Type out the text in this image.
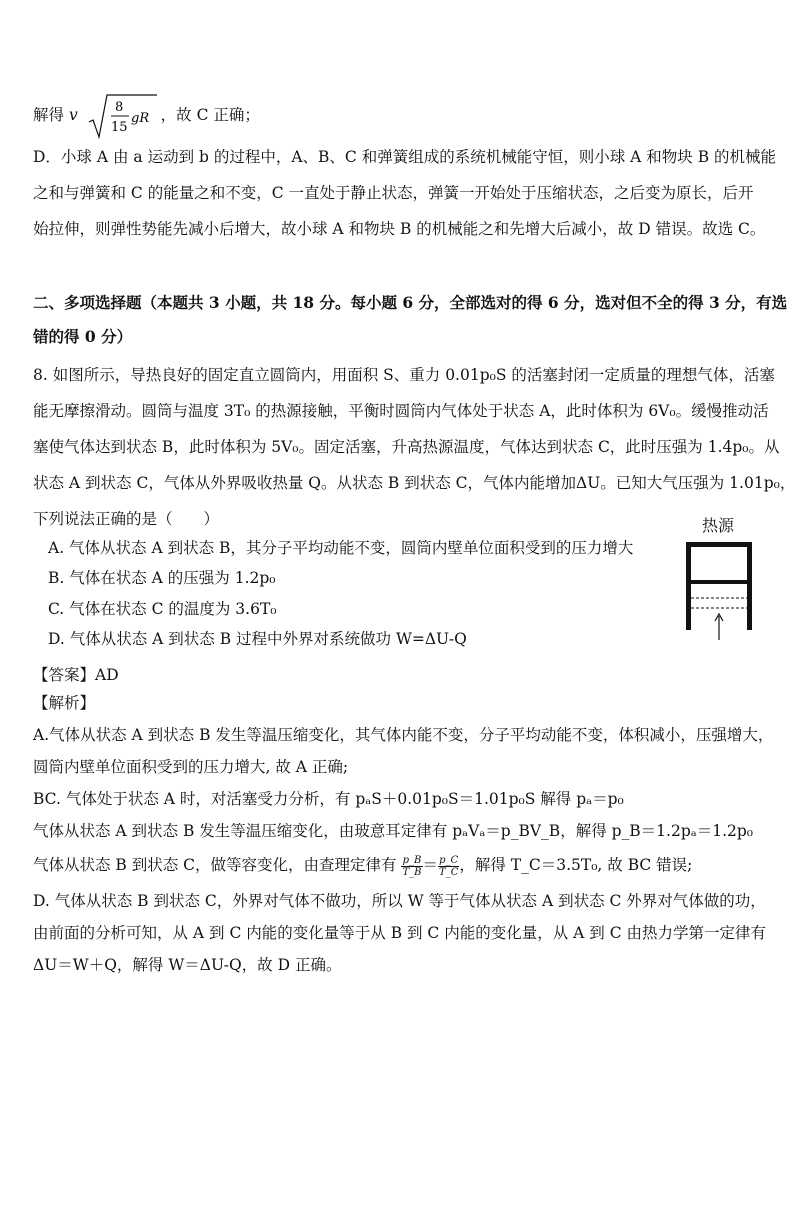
解得 v	8
15
gR ，故 C 正确；
D．小球 A 由 a 运动到 b 的过程中，A、B、C 和弹簧组成的系统机械能守恒，则小球 A 和物块 B 的机械能
之和与弹簧和 C 的能量之和不变，C 一直处于静止状态，弹簧一开始处于压缩状态，之后变为原长，后开
始拉伸，则弹性势能先减小后增大，故小球 A 和物块 B 的机械能之和先增大后减小，故 D 错误。故选 C。
二、多项选择题（本题共 3 小题，共 18 分。每小题 6 分，全部选对的得 6 分，选对但不全的得 3 分，有选
错的得 0 分）
8. 如图所示，导热良好的固定直立圆筒内，用面积 S、重力 0.01p₀S 的活塞封闭一定质量的理想气体，活塞
能无摩擦滑动。圆筒与温度 3T₀ 的热源接触，平衡时圆筒内气体处于状态 A，此时体积为 6V₀。缓慢推动活
塞使气体达到状态 B，此时体积为 5V₀。固定活塞，升高热源温度，气体达到状态 C，此时压强为 1.4p₀。从
状态 A 到状态 C，气体从外界吸收热量 Q。从状态 B 到状态 C，气体内能增加ΔU。已知大气压强为 1.01p₀，
下列说法正确的是（　　）
A. 气体从状态 A 到状态 B，其分子平均动能不变，圆筒内壁单位面积受到的压力增大
B. 气体在状态 A 的压强为 1.2p₀
C. 气体在状态 C 的温度为 3.6T₀
D. 气体从状态 A 到状态 B 过程中外界对系统做功 W=ΔU-Q
热源
【答案】AD
【解析】
A.气体从状态 A 到状态 B 发生等温压缩变化，其气体内能不变，分子平均动能不变，体积减小，压强增大，
圆筒内壁单位面积受到的压力增大, 故 A 正确;
BC. 气体处于状态 A 时，对活塞受力分析，有 pₐS＋0.01p₀S＝1.01p₀S 解得 pₐ＝p₀
气体从状态 A 到状态 B 发生等温压缩变化，由玻意耳定律有 pₐVₐ＝p_BV_B，解得 p_B＝1.2pₐ＝1.2p₀
气体从状态 B 到状态 C，做等容变化，由查理定律有 $\frac{p\_B}{T\_B} = \frac{p\_C}{T\_C}$ ，解得 T_C＝3.5T₀, 故 BC 错误;
D. 气体从状态 B 到状态 C，外界对气体不做功，所以 W 等于气体从状态 A 到状态 C 外界对气体做的功，
由前面的分析可知，从 A 到 C 内能的变化量等于从 B 到 C 内能的变化量，从 A 到 C 由热力学第一定律有
ΔU＝W＋Q，解得 W＝ΔU-Q，故 D 正确。
